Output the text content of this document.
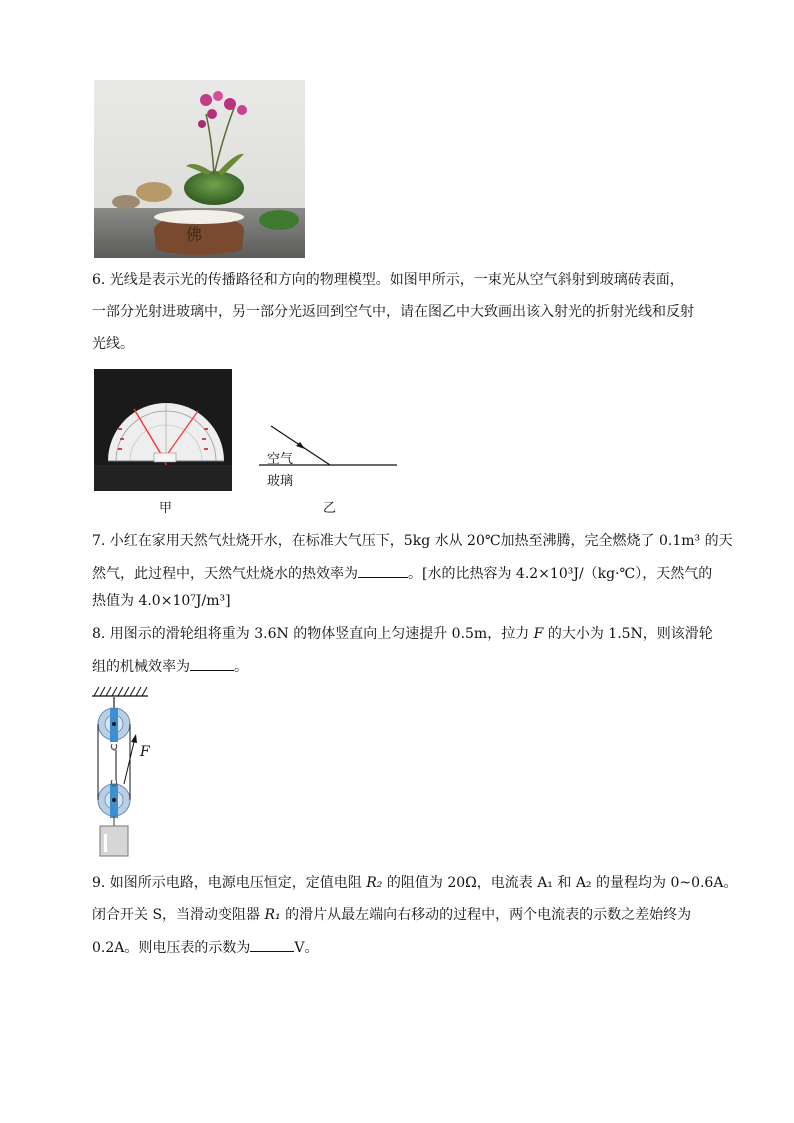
佛
6. 光线是表示光的传播路径和方向的物理模型。如图甲所示，一束光从空气斜射到玻璃砖表面，
一部分光射进玻璃中，另一部分光返回到空气中，请在图乙中大致画出该入射光的折射光线和反射
光线。
甲
空气
玻璃
乙
7. 小红在家用天然气灶烧开水，在标准大气压下，5kg 水从 20℃加热至沸腾，完全燃烧了 0.1m³ 的天
然气，此过程中，天然气灶烧水的热效率为	。[水的比热容为 4.2×10³J/（kg·℃），天然气的
热值为 4.0×10⁷J/m³]
8. 用图示的滑轮组将重为 3.6N 的物体竖直向上匀速提升 0.5m，拉力 F 的大小为 1.5N，则该滑轮
组的机械效率为	。
F
9. 如图所示电路，电源电压恒定，定值电阻 R₂ 的阻值为 20Ω，电流表 A₁ 和 A₂ 的量程均为 0~0.6A。
闭合开关 S，当滑动变阻器 R₁ 的滑片从最左端向右移动的过程中，两个电流表的示数之差始终为
0.2A。则电压表的示数为	V。
